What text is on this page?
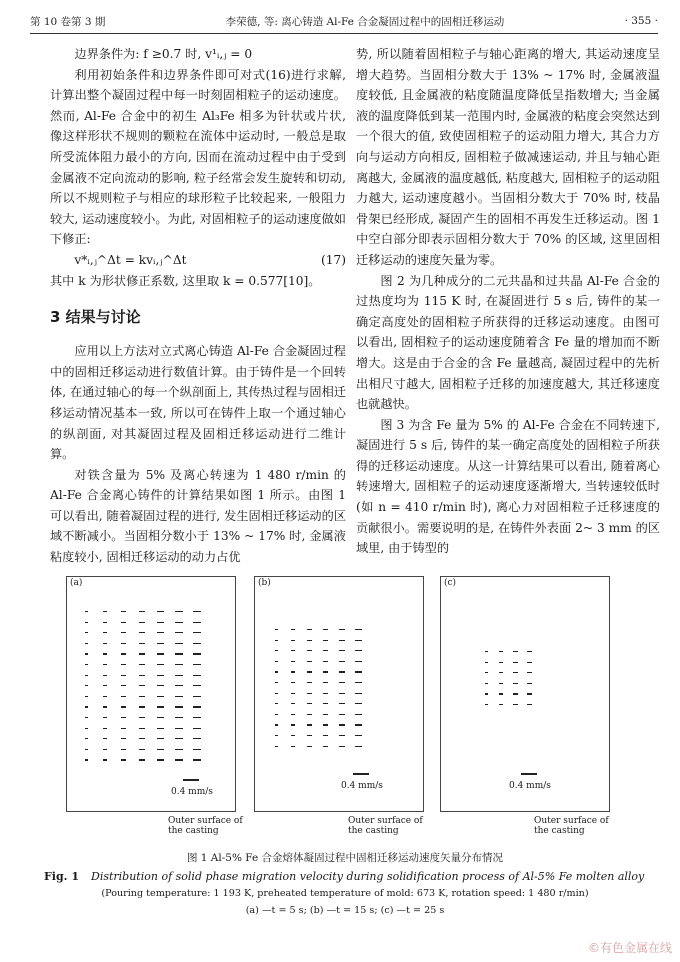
第 10 卷第 3 期	李荣德, 等: 离心铸造 Al-Fe 合金凝固过程中的固相迁移运动	· 355 ·

边界条件为: f ≥0.7 时, v¹ᵢ,ⱼ = 0

利用初始条件和边界条件即可对式(16)进行求解, 计算出整个凝固过程中每一时刻固相粒子的运动速度。然而, Al-Fe 合金中的初生 Al₃Fe 相多为针状或片状, 像这样形状不规则的颗粒在流体中运动时, 一般总是取所受流体阻力最小的方向, 因而在流动过程中由于受到金属液不定向流动的影响, 粒子经常会发生旋转和切动, 所以不规则粒子与相应的球形粒子比较起来, 一般阻力较大, 运动速度较小。为此, 对固相粒子的运动速度做如下修正:

v*ᵢ,ⱼ^Δt = kvᵢ,ⱼ^Δt	(17)

其中 k 为形状修正系数, 这里取 k = 0.577[10]。

3 结果与讨论

应用以上方法对立式离心铸造 Al-Fe 合金凝固过程中的固相迁移运动进行数值计算。由于铸件是一个回转体, 在通过轴心的每一个纵剖面上, 其传热过程与固相迁移运动情况基本一致, 所以可在铸件上取一个通过轴心的纵剖面, 对其凝固过程及固相迁移运动进行二维计算。

对铁含量为 5% 及离心转速为 1 480 r/min 的 Al-Fe 合金离心铸件的计算结果如图 1 所示。由图 1 可以看出, 随着凝固过程的进行, 发生固相迁移运动的区域不断减小。当固相分数小于 13% ~ 17% 时, 金属液粘度较小, 固相迁移运动的动力占优

势, 所以随着固相粒子与轴心距离的增大, 其运动速度呈增大趋势。当固相分数大于 13% ~ 17% 时, 金属液温度较低, 且金属液的粘度随温度降低呈指数增大; 当金属液的温度降低到某一范围内时, 金属液的粘度会突然达到一个很大的值, 致使固相粒子的运动阻力增大, 其合力方向与运动方向相反, 固相粒子做减速运动, 并且与轴心距离越大, 金属液的温度越低, 粘度越大, 固相粒子的运动阻力越大, 运动速度越小。当固相分数大于 70% 时, 枝晶骨架已经形成, 凝固产生的固相不再发生迁移运动。图 1 中空白部分即表示固相分数大于 70% 的区域, 这里固相迁移运动的速度矢量为零。

图 2 为几种成分的二元共晶和过共晶 Al-Fe 合金的过热度均为 115 K 时, 在凝固进行 5 s 后, 铸件的某一确定高度处的固相粒子所获得的迁移运动速度。由图可以看出, 固相粒子的运动速度随着含 Fe 量的增加而不断增大。这是由于合金的含 Fe 量越高, 凝固过程中的先析出相尺寸越大, 固相粒子迁移的加速度越大, 其迁移速度也就越快。

图 3 为含 Fe 量为 5% 的 Al-Fe 合金在不同转速下, 凝固进行 5 s 后, 铸件的某一确定高度处的固相粒子所获得的迁移运动速度。从这一计算结果可以看出, 随着离心转速增大, 固相粒子的运动速度逐渐增大, 当转速较低时(如 n = 410 r/min 时), 离心力对固相粒子迁移速度的贡献很小。需要说明的是, 在铸件外表面 2~ 3 mm 的区域里, 由于铸型的

(a)
0.4 mm/s
Outer surface of the casting
(b)
0.4 mm/s
Outer surface of the casting
(c)
0.4 mm/s
Outer surface of the casting
图 1 Al-5% Fe 合金熔体凝固过程中固相迁移运动速度矢量分布情况
Fig. 1 Distribution of solid phase migration velocity during solidification process of Al-5% Fe molten alloy
(Pouring temperature: 1 193 K, preheated temperature of mold: 673 K, rotation speed: 1 480 r/min)
(a) —t = 5 s; (b) —t = 15 s; (c) —t = 25 s
©有色金属在线
